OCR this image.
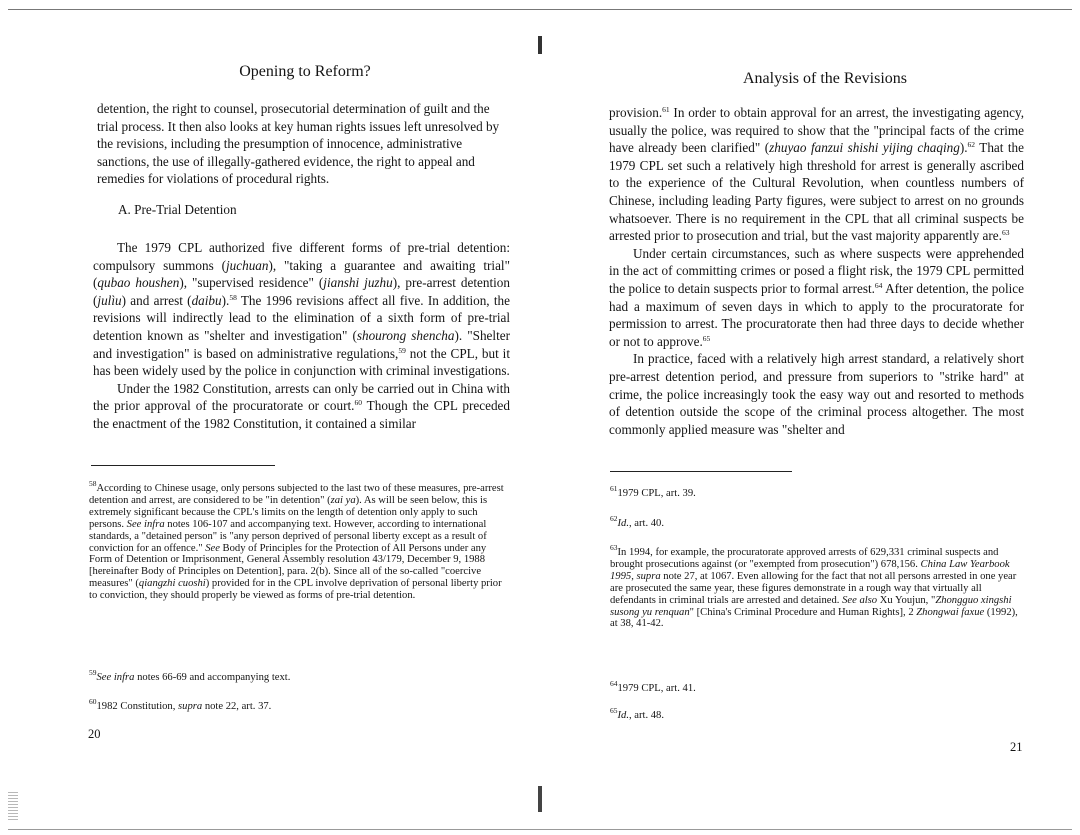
Opening to Reform?

detention, the right to counsel, prosecutorial determination of guilt and the trial process. It then also looks at key human rights issues left unresolved by the revisions, including the presumption of innocence, administrative sanctions, the use of illegally-gathered evidence, the right to appeal and remedies for violations of procedural rights.

A. Pre-Trial Detention

The 1979 CPL authorized five different forms of pre-trial detention: compulsory summons (juchuan), "taking a guarantee and awaiting trial" (qubao houshen), "supervised residence" (jianshi juzhu), pre-arrest detention (julìu) and arrest (daibu).$^{58}$ The 1996 revisions affect all five. In addition, the revisions will indirectly lead to the elimination of a sixth form of pre-trial detention known as "shelter and investigation" (shourong shencha). "Shelter and investigation" is based on administrative regulations,$^{59}$ not the CPL, but it has been widely used by the police in conjunction with criminal investigations.

Under the 1982 Constitution, arrests can only be carried out in China with the prior approval of the procuratorate or court.$^{60}$ Though the CPL preceded the enactment of the 1982 Constitution, it contained a similar

$^{58}$According to Chinese usage, only persons subjected to the last two of these measures, pre-arrest detention and arrest, are considered to be "in detention" (zai ya). As will be seen below, this is extremely significant because the CPL's limits on the length of detention only apply to such persons. See infra notes 106-107 and accompanying text. However, according to international standards, a "detained person" is "any person deprived of personal liberty except as a result of conviction for an offence." See Body of Principles for the Protection of All Persons under any Form of Detention or Imprisonment, General Assembly resolution 43/179, December 9, 1988 [hereinafter Body of Principles on Detention], para. 2(b). Since all of the so-called "coercive measures" (qiangzhi cuoshi) provided for in the CPL involve deprivation of personal liberty prior to conviction, they should properly be viewed as forms of pre-trial detention.
$^{59}$See infra notes 66-69 and accompanying text.
$^{60}$1982 Constitution, supra note 22, art. 37.
20
Analysis of the Revisions

provision.$^{61}$ In order to obtain approval for an arrest, the investigating agency, usually the police, was required to show that the "principal facts of the crime have already been clarified" (zhuyao fanzui shishi yijing chaqing).$^{62}$ That the 1979 CPL set such a relatively high threshold for arrest is generally ascribed to the experience of the Cultural Revolution, when countless numbers of Chinese, including leading Party figures, were subject to arrest on no grounds whatsoever. There is no requirement in the CPL that all criminal suspects be arrested prior to prosecution and trial, but the vast majority apparently are.$^{63}$

Under certain circumstances, such as where suspects were apprehended in the act of committing crimes or posed a flight risk, the 1979 CPL permitted the police to detain suspects prior to formal arrest.$^{64}$ After detention, the police had a maximum of seven days in which to apply to the procuratorate for permission to arrest. The procuratorate then had three days to decide whether or not to approve.$^{65}$

In practice, faced with a relatively high arrest standard, a relatively short pre-arrest detention period, and pressure from superiors to "strike hard" at crime, the police increasingly took the easy way out and resorted to methods of detention outside the scope of the criminal process altogether. The most commonly applied measure was "shelter and

$^{61}$1979 CPL, art. 39.
$^{62}$Id., art. 40.
$^{63}$In 1994, for example, the procuratorate approved arrests of 629,331 criminal suspects and brought prosecutions against (or "exempted from prosecution") 678,156. China Law Yearbook 1995, supra note 27, at 1067. Even allowing for the fact that not all persons arrested in one year are prosecuted the same year, these figures demonstrate in a rough way that virtually all defendants in criminal trials are arrested and detained. See also Xu Youjun, "Zhongguo xingshi susong yu renquan" [China's Criminal Procedure and Human Rights], 2 Zhongwai faxue (1992), at 38, 41-42.
$^{64}$1979 CPL, art. 41.
$^{65}$Id., art. 48.
21
